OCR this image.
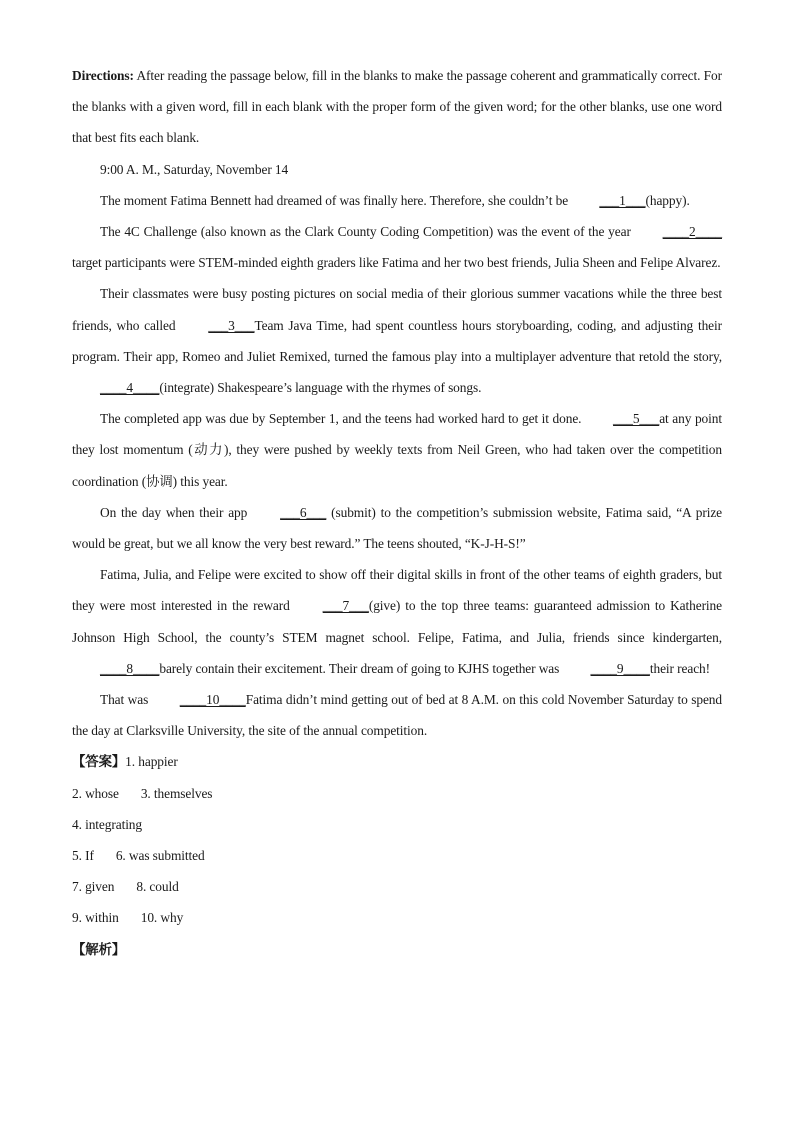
Directions: After reading the passage below, fill in the blanks to make the passage coherent and grammatically correct. For the blanks with a given word, fill in each blank with the proper form of the given word; for the other blanks, use one word that best fits each blank.

9:00 A. M., Saturday, November 14

The moment Fatima Bennett had dreamed of was finally here. Therefore, she couldn’t be ___1___(happy).

The 4C Challenge (also known as the Clark County Coding Competition) was the event of the year ____2____target participants were STEM-minded eighth graders like Fatima and her two best friends, Julia Sheen and Felipe Alvarez.

Their classmates were busy posting pictures on social media of their glorious summer vacations while the three best friends, who called ___3___Team Java Time, had spent countless hours storyboarding, coding, and adjusting their program. Their app, Romeo and Juliet Remixed, turned the famous play into a multiplayer adventure that retold the story, ____4____(integrate) Shakespeare’s language with the rhymes of songs.

The completed app was due by September 1, and the teens had worked hard to get it done. ___5___at any point they lost momentum (动力), they were pushed by weekly texts from Neil Green, who had taken over the competition coordination (协调) this year.

On the day when their app ___6___ (submit) to the competition’s submission website, Fatima said, “A prize would be great, but we all know the very best reward.” The teens shouted, “K-J-H-S!”

Fatima, Julia, and Felipe were excited to show off their digital skills in front of the other teams of eighth graders, but they were most interested in the reward ___7___(give) to the top three teams: guaranteed admission to Katherine Johnson High School, the county’s STEM magnet school. Felipe, Fatima, and Julia, friends since kindergarten, ____8____barely contain their excitement. Their dream of going to KJHS together was ____9____their reach!

That was ____10____Fatima didn’t mind getting out of bed at 8 A.M. on this cold November Saturday to spend the day at Clarksville University, the site of the annual competition.

【答案】1. happier

2. whose 3. themselves

4. integrating

5. If 6. was submitted

7. given 8. could

9. within 10. why

【解析】
